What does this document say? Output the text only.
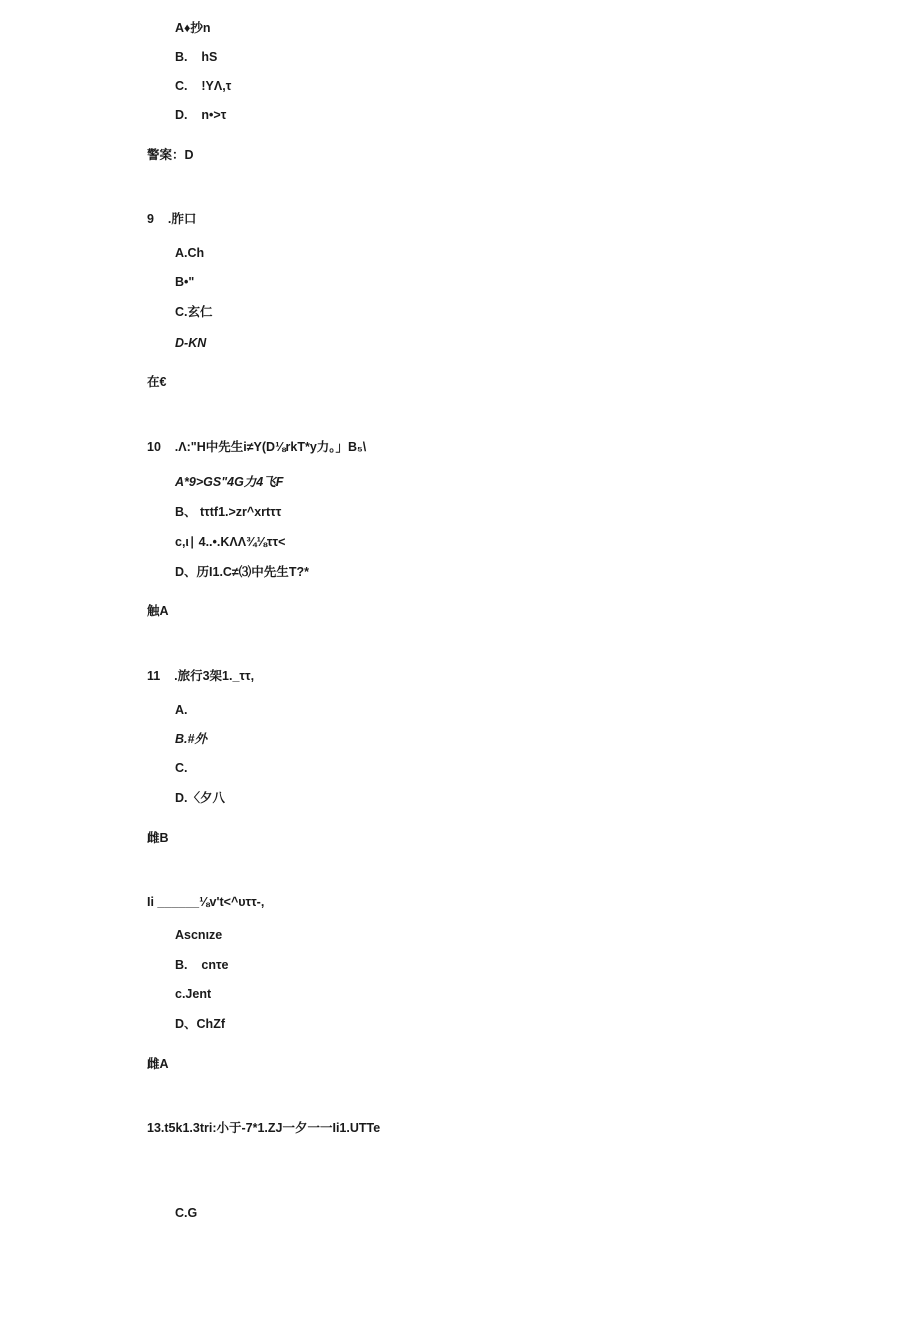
A♦抄n
B.    hS
C.    !YΛ,τ
D.    n•>τ
警案：D
9    .胙口
A.Ch
B•"
C.玄仁
D-KN
在€
10    .Λ:"H中先生i≠Y(D⅛rkT*y力。」B₅\
A*9>GS"4G力4飞F
B、 tτtf1.>zr^xrtττ
c,ι∣ 4..•.KΛΛ¾⅛ττ<
D、历I1.C≠⑶中先生T?*
触A
11    .旅行3架1._ττ,
A.
B.#外
C.
D.〈夕八
雌B
Ii ______⅛v't<^υττ-,
Ascnιze
B.    cnτe
c.Jent
D、ChZf
雌A
13.t5k1.3tri:小于-7*1.ZJ一夕一一Ii1.UTTe
C.G
